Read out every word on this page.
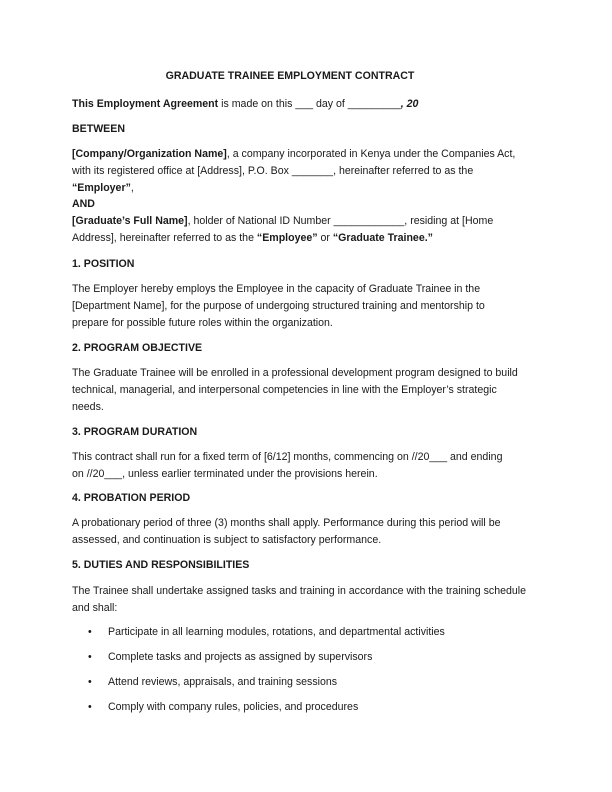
GRADUATE TRAINEE EMPLOYMENT CONTRACT
This Employment Agreement is made on this ___ day of _________, 20
BETWEEN
[Company/Organization Name], a company incorporated in Kenya under the Companies Act,
with its registered office at [Address], P.O. Box _______, hereinafter referred to as the
“Employer”,
AND
[Graduate’s Full Name], holder of National ID Number ____________, residing at [Home
Address], hereinafter referred to as the “Employee” or “Graduate Trainee.”
1. POSITION
The Employer hereby employs the Employee in the capacity of Graduate Trainee in the
[Department Name], for the purpose of undergoing structured training and mentorship to
prepare for possible future roles within the organization.
2. PROGRAM OBJECTIVE
The Graduate Trainee will be enrolled in a professional development program designed to build
technical, managerial, and interpersonal competencies in line with the Employer’s strategic
needs.
3. PROGRAM DURATION
This contract shall run for a fixed term of [6/12] months, commencing on //20___ and ending
on //20___, unless earlier terminated under the provisions herein.
4. PROBATION PERIOD
A probationary period of three (3) months shall apply. Performance during this period will be
assessed, and continuation is subject to satisfactory performance.
5. DUTIES AND RESPONSIBILITIES
The Trainee shall undertake assigned tasks and training in accordance with the training schedule
and shall:
• Participate in all learning modules, rotations, and departmental activities
• Complete tasks and projects as assigned by supervisors
• Attend reviews, appraisals, and training sessions
• Comply with company rules, policies, and procedures
